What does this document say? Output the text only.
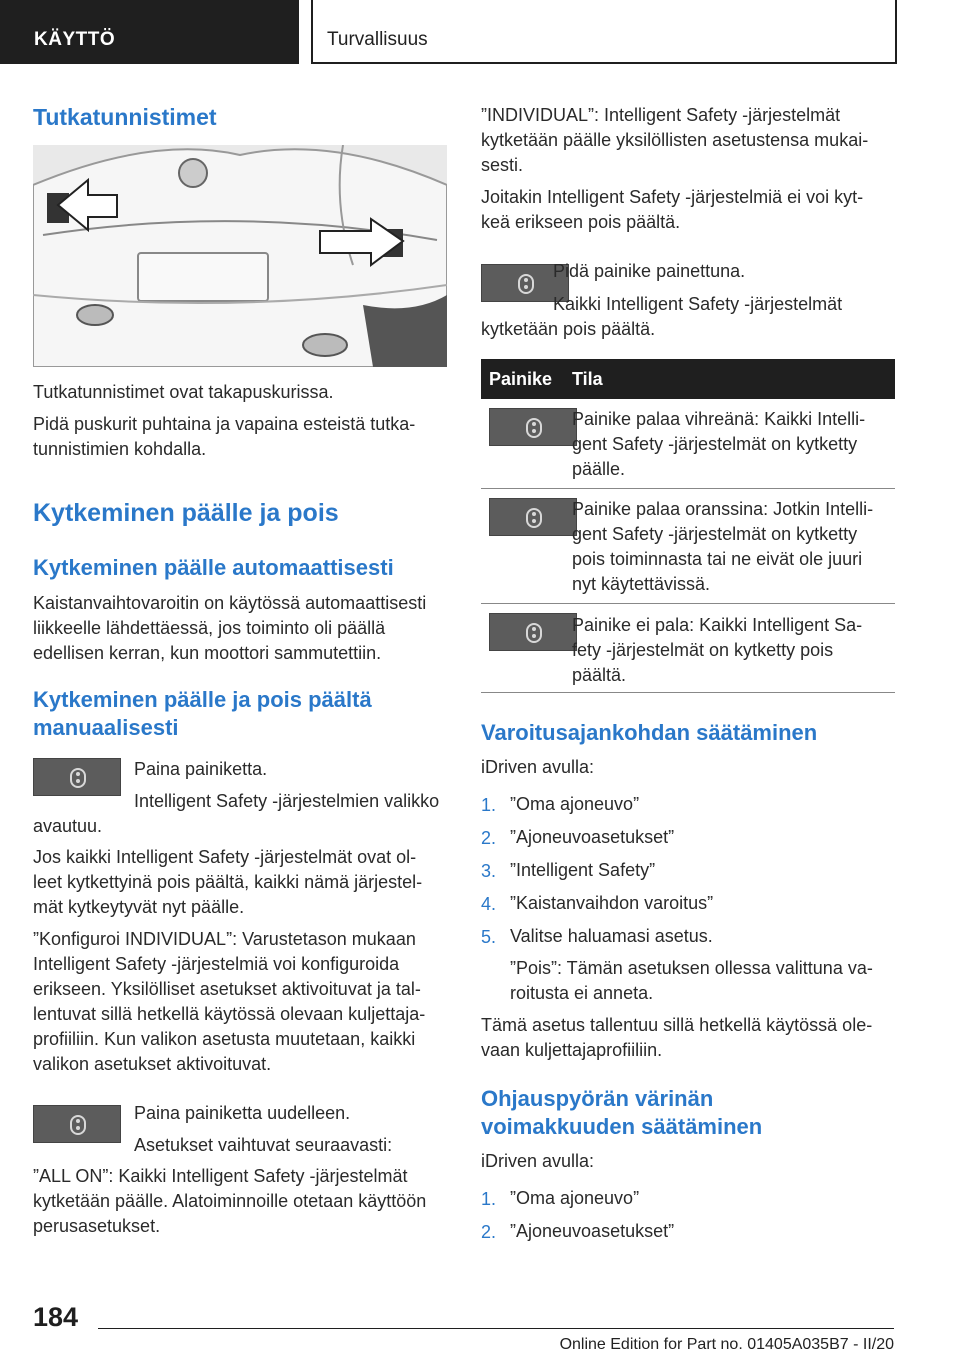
KÄYTTÖ	Turvallisuus
Tutkatunnistimet
Tutkatunnistimet ovat takapuskurissa.
Pidä puskurit puhtaina ja vapaina esteistä tutka-
tunnistimien kohdalla.
Kytkeminen päälle ja pois
Kytkeminen päälle automaattisesti
Kaistanvaihtovaroitin on käytössä automaattisesti
liikkeelle lähdettäessä, jos toiminto oli päällä
edellisen kerran, kun moottori sammutettiin.
Kytkeminen päälle ja pois päältä
manuaalisesti
Paina painiketta.
Intelligent Safety -järjestelmien valikko
avautuu.
Jos kaikki Intelligent Safety -järjestelmät ovat ol-
leet kytkettyinä pois päältä, kaikki nämä järjestel-
mät kytkeytyvät nyt päälle.
”Konfiguroi INDIVIDUAL”: Varustetason mukaan
Intelligent Safety -järjestelmiä voi konfiguroida
erikseen. Yksilölliset asetukset aktivoituvat ja tal-
lentuvat sillä hetkellä käytössä olevaan kuljettaja-
profiiliin. Kun valikon asetusta muutetaan, kaikki
valikon asetukset aktivoituvat.
Paina painiketta uudelleen.
Asetukset vaihtuvat seuraavasti:
”ALL ON”: Kaikki Intelligent Safety -järjestelmät
kytketään päälle. Alatoiminnoille otetaan käyttöön
perusasetukset.
”INDIVIDUAL”: Intelligent Safety -järjestelmät
kytketään päälle yksilöllisten asetustensa mukai-
sesti.
Joitakin Intelligent Safety -järjestelmiä ei voi kyt-
keä erikseen pois päältä.
Pidä painike painettuna.
Kaikki Intelligent Safety -järjestelmät
kytketään pois päältä.
Painike Tila
Painike palaa vihreänä: Kaikki Intelli-
gent Safety -järjestelmät on kytketty
päälle.
Painike palaa oranssina: Jotkin Intelli-
gent Safety -järjestelmät on kytketty
pois toiminnasta tai ne eivät ole juuri
nyt käytettävissä.
Painike ei pala: Kaikki Intelligent Sa-
fety -järjestelmät on kytketty pois
päältä.
Varoitusajankohdan säätäminen
iDriven avulla:
1. ”Oma ajoneuvo”
2. ”Ajoneuvoasetukset”
3. ”Intelligent Safety”
4. ”Kaistanvaihdon varoitus”
5. Valitse haluamasi asetus.
”Pois”: Tämän asetuksen ollessa valittuna va-
roitusta ei anneta.
Tämä asetus tallentuu sillä hetkellä käytössä ole-
vaan kuljettajaprofiiliin.
Ohjauspyörän värinän
voimakkuuden säätäminen
iDriven avulla:
1. ”Oma ajoneuvo”
2. ”Ajoneuvoasetukset”
184
Online Edition for Part no. 01405A035B7 - II/20
